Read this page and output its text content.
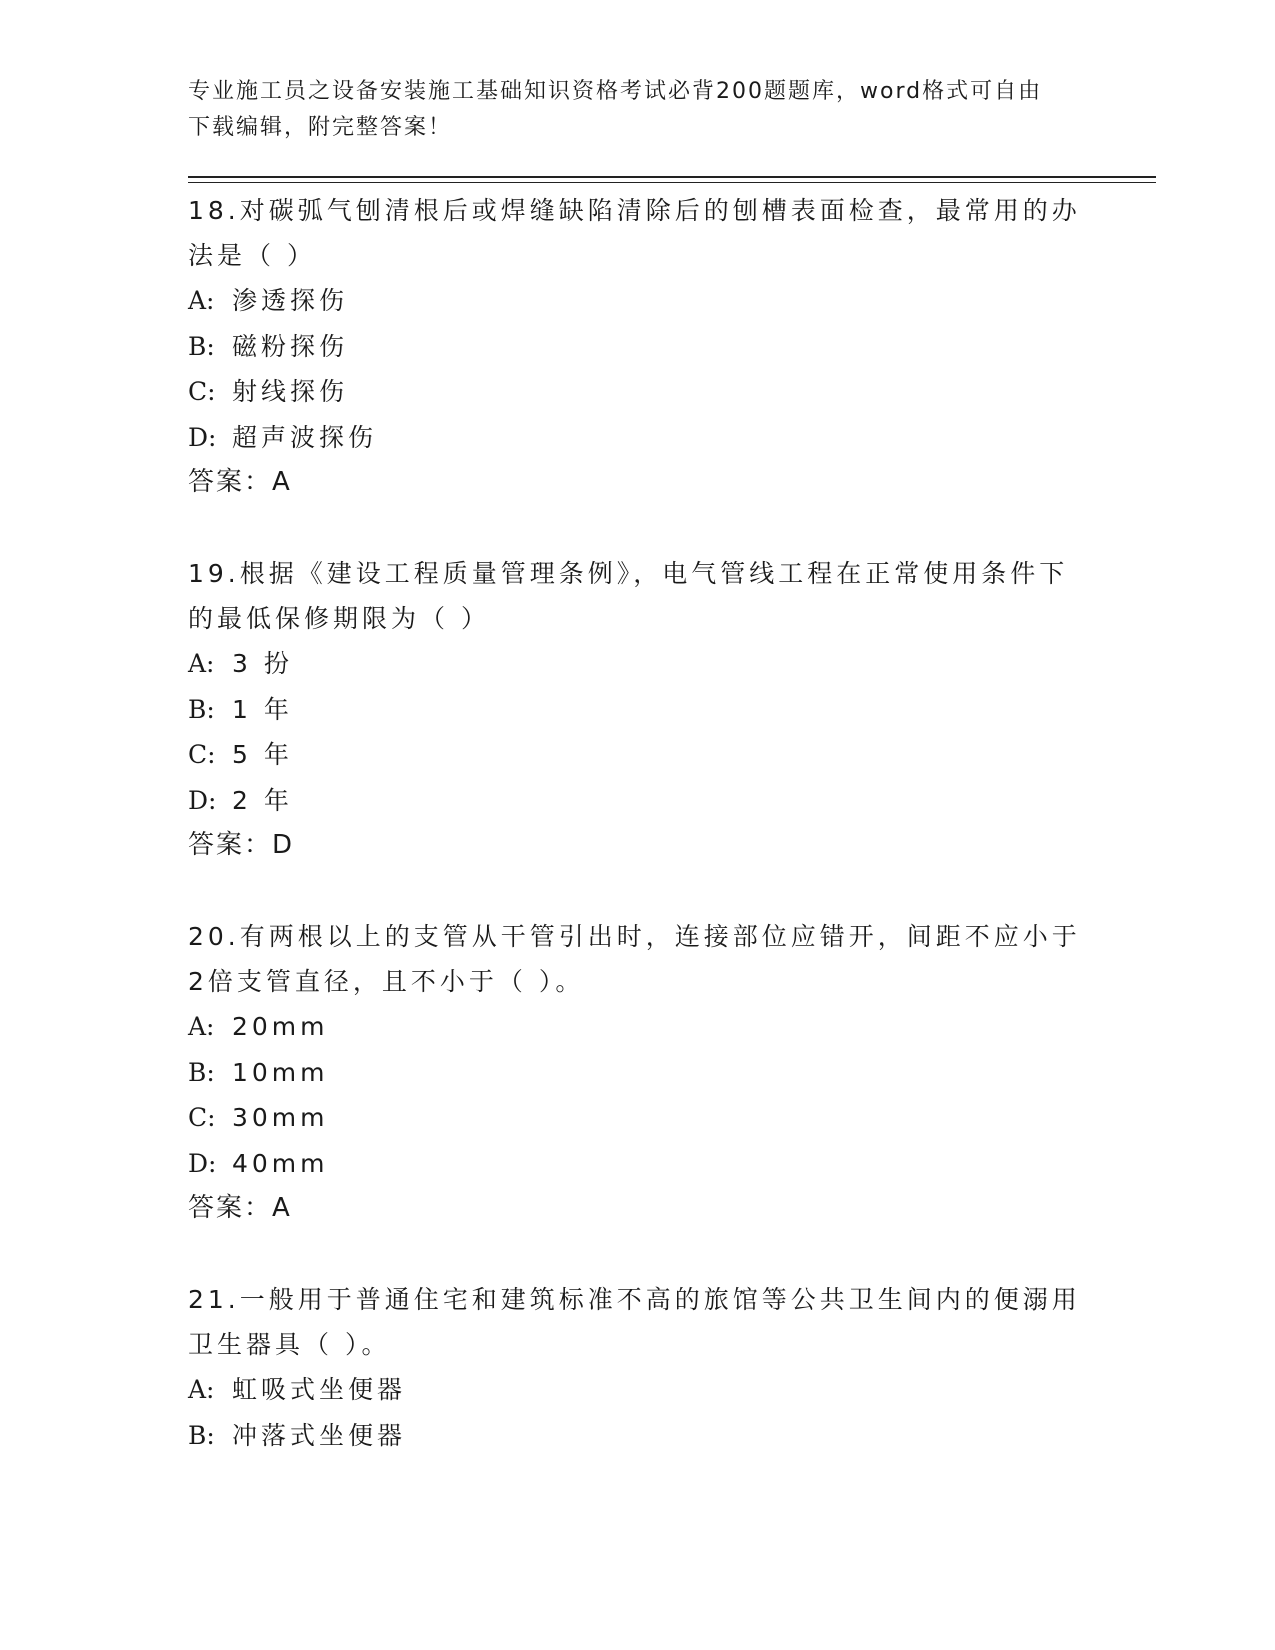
专业施工员之设备安装施工基础知识资格考试必背200题题库，word格式可自由
下载编辑，附完整答案！
18.对碳弧气刨清根后或焊缝缺陷清除后的刨槽表面检查，最常用的办
法是（ ）
A: 渗透探伤
B: 磁粉探伤
C: 射线探伤
D: 超声波探伤
答案：A
19.根据《建设工程质量管理条例》，电气管线工程在正常使用条件下
的最低保修期限为（ ）
A: 3 扮
B: 1 年
C: 5 年
D: 2 年
答案：D
20.有两根以上的支管从干管引出时，连接部位应错开，间距不应小于
2倍支管直径，且不小于（ ）。
A: 20mm
B: 10mm
C: 30mm
D: 40mm
答案：A
21.一般用于普通住宅和建筑标准不高的旅馆等公共卫生间内的便溺用
卫生器具（ ）。
A: 虹吸式坐便器
B: 冲落式坐便器
